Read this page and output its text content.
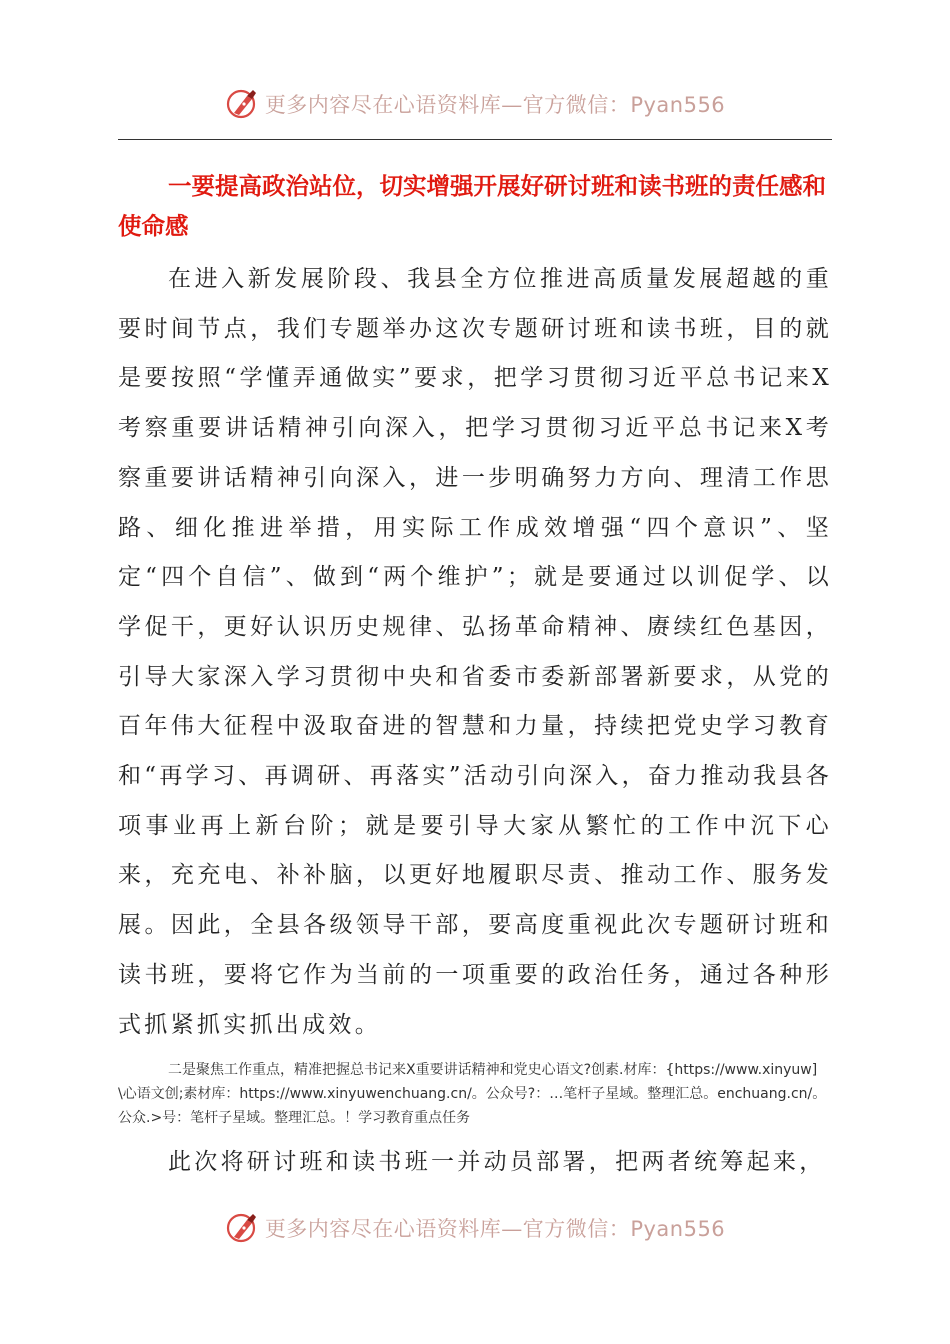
更多内容尽在心语资料库—官方微信：Pyan556
一要提高政治站位，切实增强开展好研讨班和读书班的责任感和使命感

在进入新发展阶段、我县全方位推进高质量发展超越的重要时间节点，我们专题举办这次专题研讨班和读书班，目的就是要按照“学懂弄通做实”要求，把学习贯彻习近平总书记来X考察重要讲话精神引向深入，把学习贯彻习近平总书记来X考察重要讲话精神引向深入，进一步明确努力方向、理清工作思路、细化推进举措，用实际工作成效增强“四个意识”、坚定“四个自信”、做到“两个维护”；就是要通过以训促学、以学促干，更好认识历史规律、弘扬革命精神、赓续红色基因，引导大家深入学习贯彻中央和省委市委新部署新要求，从党的百年伟大征程中汲取奋进的智慧和力量，持续把党史学习教育和“再学习、再调研、再落实”活动引向深入，奋力推动我县各项事业再上新台阶；就是要引导大家从繁忙的工作中沉下心来，充充电、补补脑，以更好地履职尽责、推动工作、服务发展。因此，全县各级领导干部，要高度重视此次专题研讨班和读书班，要将它作为当前的一项重要的政治任务，通过各种形式抓紧抓实抓出成效。

二是聚焦工作重点，精准把握总书记来X重要讲话精神和党史心语文?创素.材库：{https://www.xinyuw]\心语文创;素材库：https://www.xinyuwenchuang.cn/。公众号?：…笔杆子星域。整理汇总。enchuang.cn/。公众.>号：笔杆子星域。整理汇总。！学习教育重点任务

此次将研讨班和读书班一并动员部署，把两者统筹起来，

更多内容尽在心语资料库—官方微信：Pyan556
